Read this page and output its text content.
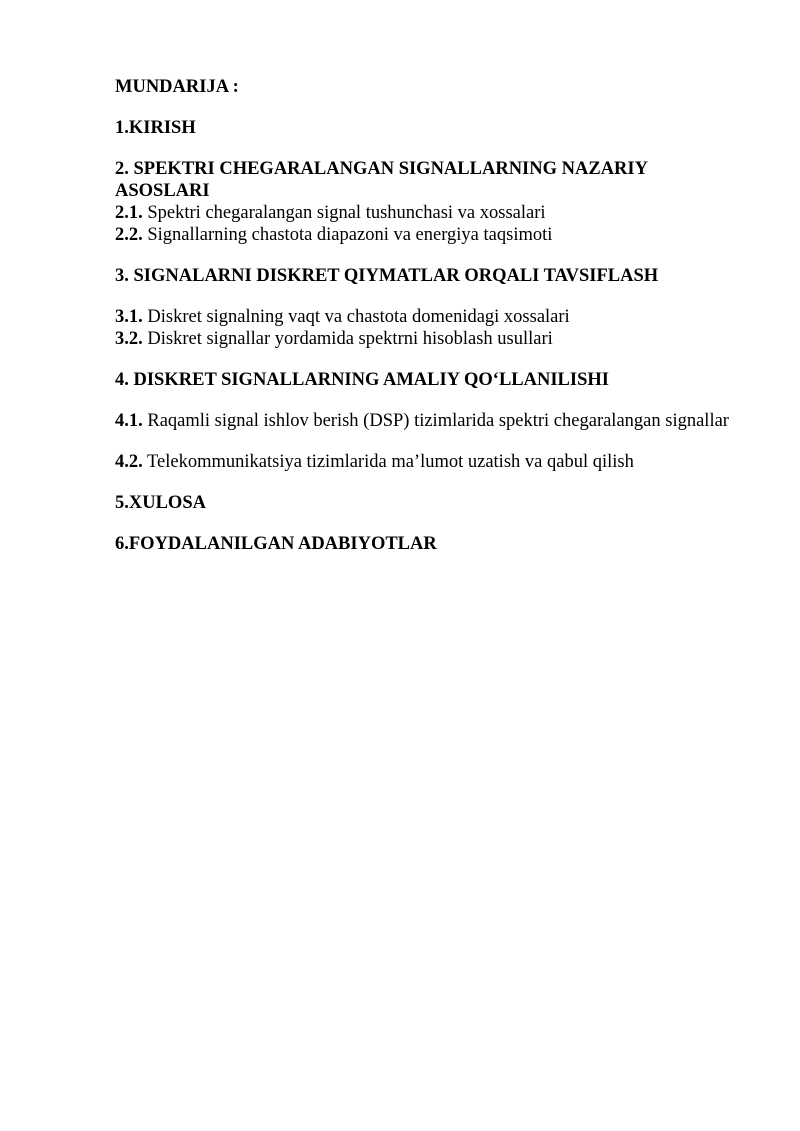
MUNDARIJA :
1.KIRISH
2. SPEKTRI CHEGARALANGAN SIGNALLARNING NAZARIY ASOSLARI
2.1. Spektri chegaralangan signal tushunchasi va xossalari
2.2. Signallarning chastota diapazoni va energiya taqsimoti
3. SIGNALARNI DISKRET QIYMATLAR ORQALI TAVSIFLASH
3.1. Diskret signalning vaqt va chastota domenidagi xossalari
3.2. Diskret signallar yordamida spektrni hisoblash usullari
4. DISKRET SIGNALLARNING AMALIY QO‘LLANILISHI
4.1. Raqamli signal ishlov berish (DSP) tizimlarida spektri chegaralangan signallar
4.2. Telekommunikatsiya tizimlarida ma’lumot uzatish va qabul qilish
5.XULOSA
6.FOYDALANILGAN ADABIYOTLAR
